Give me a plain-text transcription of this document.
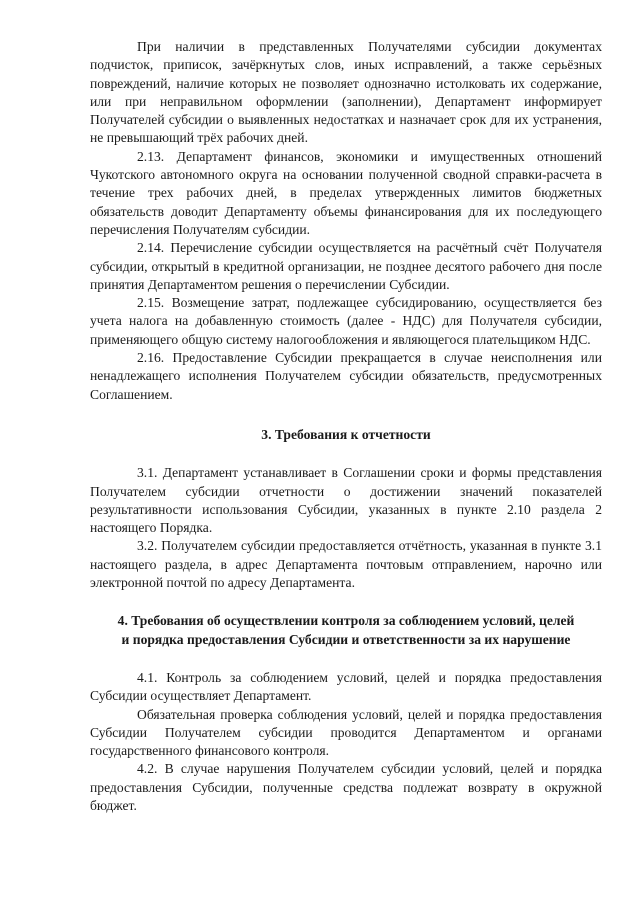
При наличии в представленных Получателями субсидии документах подчисток, приписок, зачёркнутых слов, иных исправлений, а также серьёзных повреждений, наличие которых не позволяет однозначно истолковать их содержание, или при неправильном оформлении (заполнении), Департамент информирует Получателей субсидии о выявленных недостатках и назначает срок для их устранения, не превышающий трёх рабочих дней.

2.13. Департамент финансов, экономики и имущественных отношений Чукотского автономного округа на основании полученной сводной справки-расчета в течение трех рабочих дней, в пределах утвержденных лимитов бюджетных обязательств доводит Департаменту объемы финансирования для их последующего перечисления Получателям субсидии.

2.14. Перечисление субсидии осуществляется на расчётный счёт Получателя субсидии, открытый в кредитной организации, не позднее десятого рабочего дня после принятия Департаментом решения о перечислении Субсидии.

2.15. Возмещение затрат, подлежащее субсидированию, осуществляется без учета налога на добавленную стоимость (далее - НДС) для Получателя субсидии, применяющего общую систему налогообложения и являющегося плательщиком НДС.

2.16. Предоставление Субсидии прекращается в случае неисполнения или ненадлежащего исполнения Получателем субсидии обязательств, предусмотренных Соглашением.

3. Требования к отчетности

3.1. Департамент устанавливает в Соглашении сроки и формы представления Получателем субсидии отчетности о достижении значений показателей результативности использования Субсидии, указанных в пункте 2.10 раздела 2 настоящего Порядка.

3.2. Получателем субсидии предоставляется отчётность, указанная в пункте 3.1 настоящего раздела, в адрес Департамента почтовым отправлением, нарочно или электронной почтой по адресу Департамента.

4. Требования об осуществлении контроля за соблюдением условий, целей
и порядка предоставления Субсидии и ответственности за их нарушение

4.1. Контроль за соблюдением условий, целей и порядка предоставления Субсидии осуществляет Департамент.

Обязательная проверка соблюдения условий, целей и порядка предоставления Субсидии Получателем субсидии проводится Департаментом и органами государственного финансового контроля.

4.2. В случае нарушения Получателем субсидии условий, целей и порядка предоставления Субсидии, полученные средства подлежат возврату в окружной бюджет.
